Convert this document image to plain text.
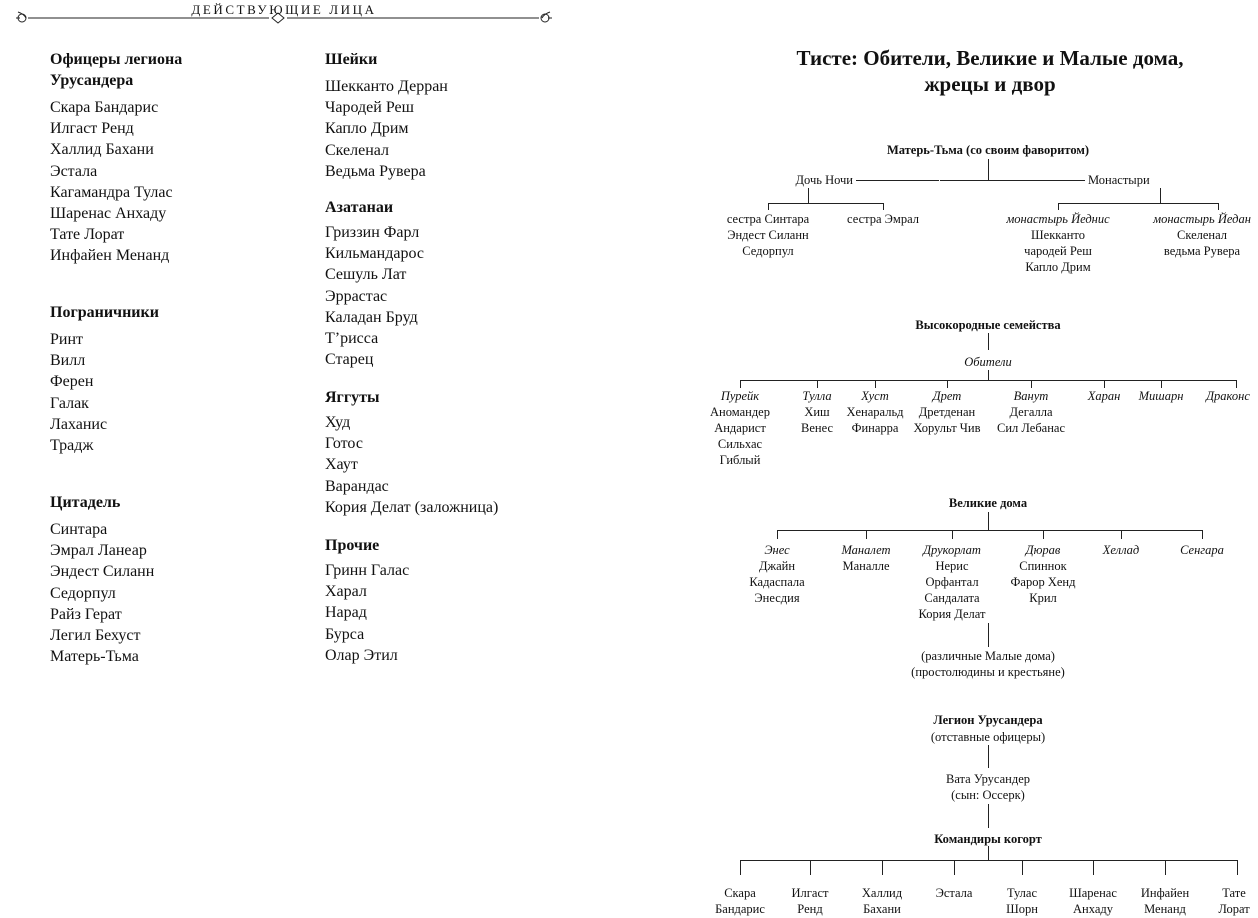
ДЕЙСТВУЮЩИЕ ЛИЦА
Офицеры легиона
Урусандера
Скара Бандарис
Илгаст Ренд
Халлид Бахани
Эстала
Кагамандра Тулас
Шаренас Анхаду
Тате Лорат
Инфайен Менанд
Пограничники
Ринт
Вилл
Ферен
Галак
Лаханис
Традж
Цитадель
Синтара
Эмрал Ланеар
Эндест Силанн
Седорпул
Райз Герат
Легил Бехуст
Матерь-Тьма
Шейки
Шекканто Дерран
Чародей Реш
Капло Дрим
Скеленал
Ведьма Рувера
Азатанаи
Гриззин Фарл
Кильмандарос
Сешуль Лат
Эррастас
Каладан Бруд
Т’рисса
Старец
Яггуты
Худ
Готос
Хаут
Варандас
Кория Делат (заложница)
Прочие
Гринн Галас
Харал
Нарад
Бурса
Олар Этил
Тисте: Обители, Великие и Малые дома,
жрецы и двор
Матерь-Тьма (со своим фаворитом)
Дочь Ночи	Монастыри
сестра Синтара
Эндест Силанн
Седорпул
сестра Эмрал	монастырь Йеднис
Шекканто
чародей Реш
Капло Дрим
монастырь Йедан
Скеленал
ведьма Рувера
Высокородные семейства
Обители
Пурейк
Аномандер
Андарист
Сильхас
Гиблый
Тулла
Хиш
Венес
Хуст
Хенаральд
Финарра
Дрет
Дретденан
Хорульт Чив
Ванут
Дегалла
Сил Лебанас
Харан Мишарн Драконс
Великие дома
Энес
Джайн
Кадаспала
Энесдия
Маналет
Маналле
Друкорлат
Нерис
Орфантал
Сандалата
Кория Делат
Дюрав
Спиннок
Фарор Хенд
Крил
Хеллад	Сенгара
(различные Малые дома)
(простолюдины и крестьяне)
Легион Урусандера
(отставные офицеры)
Вата Урусандер
(сын: Оссерк)
Командиры когорт
Скара
Бандарис
Илгаст
Ренд
Халлид
Бахани
Эстала	Тулас
Шорн
Шаренас
Анхаду
Инфайен
Менанд
Тате
Лорат
